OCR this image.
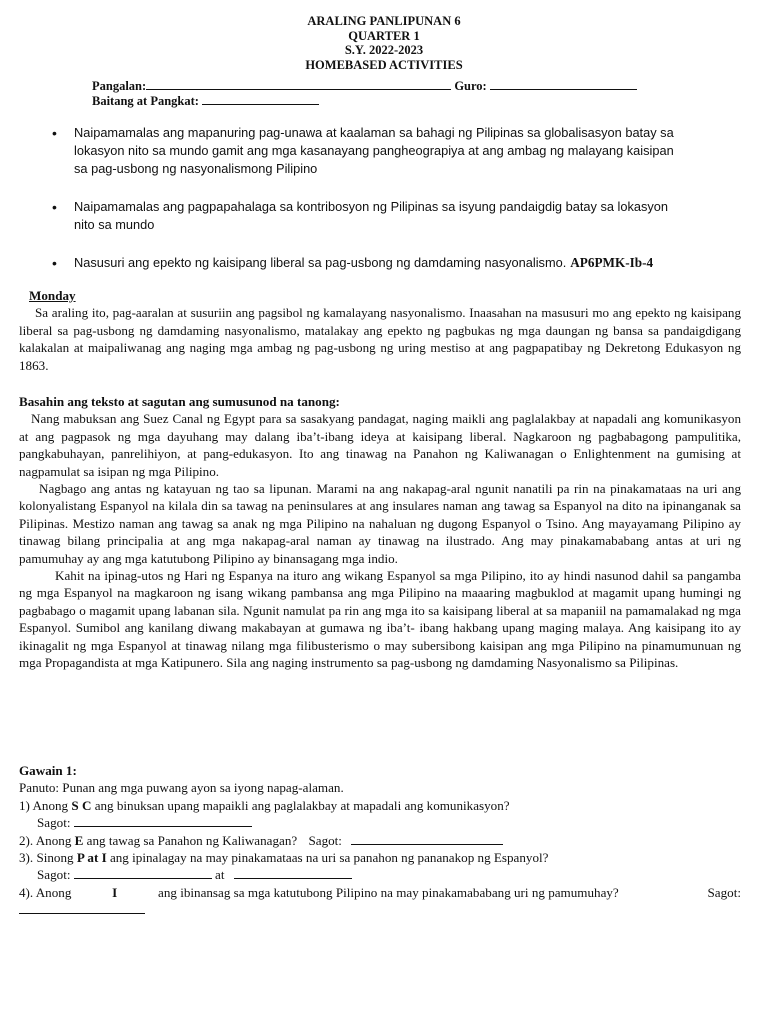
ARALING PANLIPUNAN 6
QUARTER 1
S.Y. 2022-2023
HOMEBASED ACTIVITIES
Pangalan:	Guro:
Baitang at Pangkat:
• Naipamamalas ang mapanuring pag-unawa at kaalaman sa bahagi ng Pilipinas sa globalisasyon batay sa lokasyon nito sa mundo gamit ang mga kasanayang pangheograpiya at ang ambag ng malayang kaisipan sa pag-usbong ng nasyonalismong Pilipino
• Naipamamalas ang pagpapahalaga sa kontribosyon ng Pilipinas sa isyung pandaigdig batay sa lokasyon nito sa mundo
• Nasusuri ang epekto ng kaisipang liberal sa pag-usbong ng damdaming nasyonalismo. AP6PMK-Ib-4
Monday

Sa araling ito, pag-aaralan at susuriin ang pagsibol ng kamalayang nasyonalismo. Inaasahan na masusuri mo ang epekto ng kaisipang liberal sa pag-usbong ng damdaming nasyonalismo, matalakay ang epekto ng pagbukas ng mga daungan ng bansa sa pandaigdigang kalakalan at maipaliwanag ang naging mga ambag ng pag-usbong ng uring mestiso at ang pagpapatibay ng Dekretong Edukasyon ng 1863.

Basahin ang teksto at sagutan ang sumusunod na tanong:

Nang mabuksan ang Suez Canal ng Egypt para sa sasakyang pandagat, naging maikli ang paglalakbay at napadali ang komunikasyon at ang pagpasok ng mga dayuhang may dalang iba’t-ibang ideya at kaisipang liberal. Nagkaroon ng pagbabagong pampulitika, pangkabuhayan, panrelihiyon, at pang-edukasyon. Ito ang tinawag na Panahon ng Kaliwanagan o Enlightenment na gumising at nagpamulat sa isipan ng mga Pilipino.

Nagbago ang antas ng katayuan ng tao sa lipunan. Marami na ang nakapag-aral ngunit nanatili pa rin na pinakamataas na uri ang kolonyalistang Espanyol na kilala din sa tawag na peninsulares at ang insulares naman ang tawag sa Espanyol na dito na ipinanganak sa Pilipinas. Mestizo naman ang tawag sa anak ng mga Pilipino na nahaluan ng dugong Espanyol o Tsino. Ang mayayamang Pilipino ay tinawag bilang principalia at ang mga nakapag-aral naman ay tinawag na ilustrado. Ang may pinakamababang antas at uri ng pamumuhay ay ang mga katutubong Pilipino ay binansagang mga indio.

Kahit na ipinag-utos ng Hari ng Espanya na ituro ang wikang Espanyol sa mga Pilipino, ito ay hindi nasunod dahil sa pangamba ng mga Espanyol na magkaroon ng isang wikang pambansa ang mga Pilipino na maaaring magbuklod at magamit upang humingi ng pagbabago o magamit upang labanan sila. Ngunit namulat pa rin ang mga ito sa kaisipang liberal at sa mapaniil na pamamalakad ng mga Espanyol. Sumibol ang kanilang diwang makabayan at gumawa ng iba’t- ibang hakbang upang maging malaya. Ang kaisipang ito ay ikinagalit ng mga Espanyol at tinawag nilang mga filibusterismo o may subersibong kaisipan ang mga Pilipino na pinamumunuan ng mga Propagandista at mga Katipunero. Sila ang naging instrumento sa pag-usbong ng damdaming Nasyonalismo sa Pilipinas.

Gawain 1:
Panuto: Punan ang mga puwang ayon sa iyong napag-alaman.
1) Anong S C ang binuksan upang mapaikli ang paglalakbay at mapadali ang komunikasyon?
Sagot:
2). Anong E ang tawag sa Panahon ng Kaliwanagan? Sagot:
3). Sinong P at I ang ipinalagay na may pinakamataas na uri sa panahon ng pananakop ng Espanyol?
Sagot:	at
4). Anong	I	ang ibinansag sa mga katutubong Pilipino na may pinakamababang uri ng pamumuhay?	Sagot:
